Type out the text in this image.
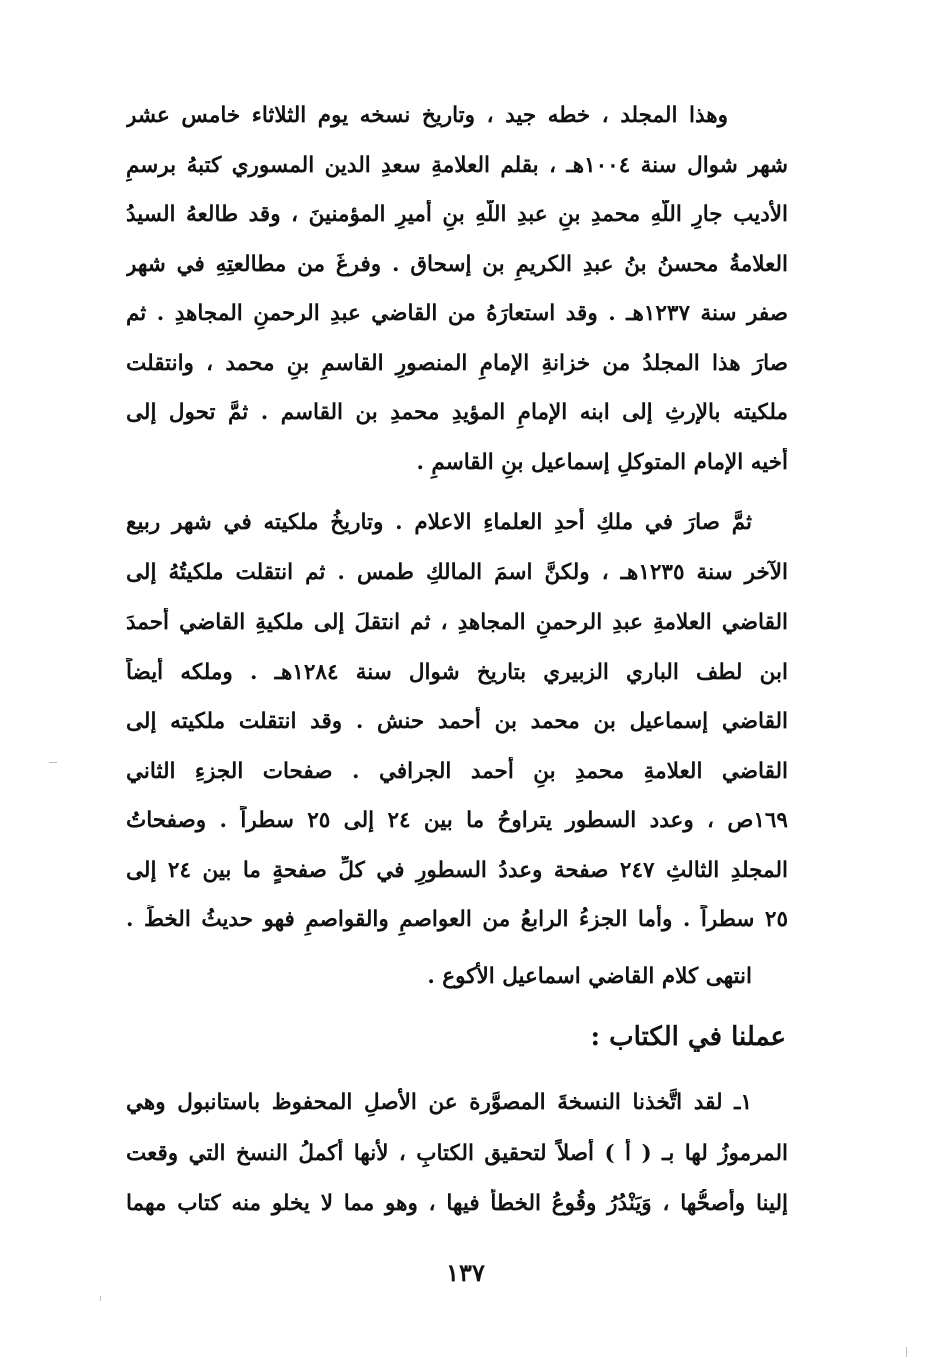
وهذا المجلد ، خطه جيد ، وتاريخ نسخه يوم الثلاثاء خامس عشر
شهر شوال سنة ١٠٠٤هـ ، بقلم العلامةِ سعدِ الدين المسوري كتبهُ برسمِ
الأديب جارِ اللّهِ محمدِ بنِ عبدِ اللّهِ بنِ أميرِ المؤمنينَ ، وقد طالعهُ السيدُ
العلامةُ محسنُ بنُ عبدِ الكريمِ بن إسحاق . وفرغَ من مطالعتِهِ في شهر
صفر سنة ١٢٣٧هـ . وقد استعارَهُ من القاضي عبدِ الرحمنِ المجاهدِ . ثم
صارَ هذا المجلدُ من خزانةِ الإمامِ المنصورِ القاسمِ بنِ محمد ، وانتقلت
ملكيته بالإرثِ إلى ابنه الإمامِ المؤيدِ محمدِ بن القاسم . ثمَّ تحول إلى
أخيه الإمام المتوكلِ إسماعيل بنِ القاسمِ .
ثمَّ صارَ في ملكِ أحدِ العلماءِ الاعلام . وتاريخُ ملكيته في شهر ربيع
الآخر سنة ١٢٣٥هـ ، ولكنَّ اسمَ المالكِ طمس . ثم انتقلت ملكيتُهُ إلى
القاضي العلامةِ عبدِ الرحمنِ المجاهدِ ، ثم انتقلَ إلى ملكيةِ القاضي أحمدَ
ابن لطف الباري الزبيري بتاريخ شوال سنة ١٢٨٤هـ . وملكه أيضاً
القاضي إسماعيل بن محمد بن أحمد حنش . وقد انتقلت ملكيته إلى
القاضي العلامةِ محمدِ بنِ أحمد الجرافي . صفحات الجزءِ الثاني
١٦٩ص ، وعدد السطور يتراوحُ ما بين ٢٤ إلى ٢٥ سطراً . وصفحاتُ
المجلدِ الثالثِ ٢٤٧ صفحة وعددُ السطورِ في كلِّ صفحةٍ ما بين ٢٤ إلى
٢٥ سطراً . وأما الجزءُ الرابعُ من العواصمِ والقواصمِ فهو حديثُ الخطِّ .
انتهى كلام القاضي اسماعيل الأكوع .
عملنا في الكتاب :
١ـ لقد اتَّخذنا النسخةَ المصوَّرة عن الأصلِ المحفوظ باستانبول وهي
المرموزُ لها بـ ( أ ) أصلاً لتحقيق الكتابِ ، لأنها أكملُ النسخ التي وقعت
إلينا وأصحُّها ، وَيَنْدُرُ وقُوعُ الخطأ فيها ، وهو مما لا يخلو منه كتاب مهما
١٣٧
